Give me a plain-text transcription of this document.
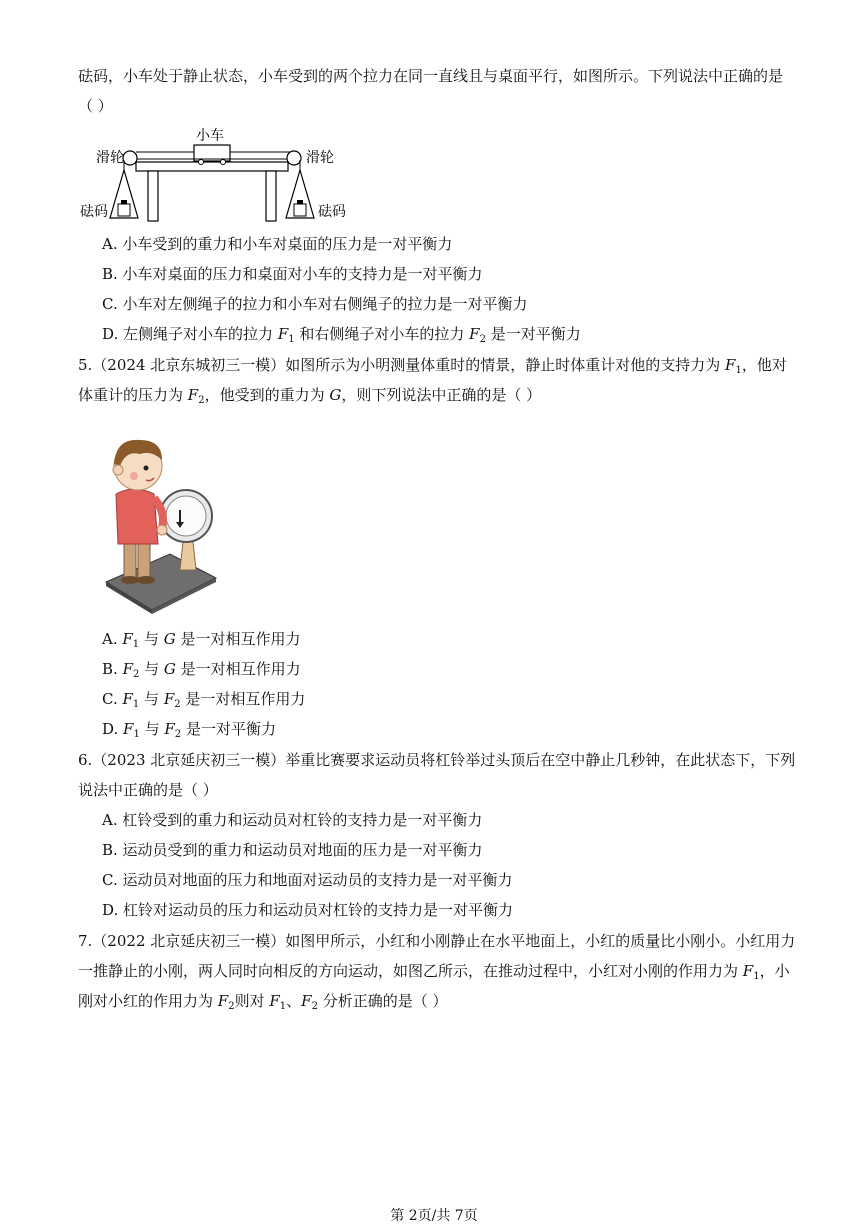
砝码，小车处于静止状态，小车受到的两个拉力在同一直线且与桌面平行，如图所示。下列说法中正确的是
（ ）
小车
滑轮	滑轮
砝码	砝码
A. 小车受到的重力和小车对桌面的压力是一对平衡力
B. 小车对桌面的压力和桌面对小车的支持力是一对平衡力
C. 小车对左侧绳子的拉力和小车对右侧绳子的拉力是一对平衡力
D. 左侧绳子对小车的拉力 $F_1$ 和右侧绳子对小车的拉力 $F_2$ 是一对平衡力
5.（2024 北京东城初三一模）如图所示为小明测量体重时的情景，静止时体重计对他的支持力为 $F_1$，他对
体重计的压力为 $F_2$，他受到的重力为 G，则下列说法中正确的是（ ）
A. $F_1$ 与 G 是一对相互作用力
B. $F_2$ 与 G 是一对相互作用力
C. $F_1$ 与 $F_2$ 是一对相互作用力
D. $F_1$ 与 $F_2$ 是一对平衡力
6.（2023 北京延庆初三一模）举重比赛要求运动员将杠铃举过头顶后在空中静止几秒钟，在此状态下，下列
说法中正确的是（ ）
A. 杠铃受到的重力和运动员对杠铃的支持力是一对平衡力
B. 运动员受到的重力和运动员对地面的压力是一对平衡力
C. 运动员对地面的压力和地面对运动员的支持力是一对平衡力
D. 杠铃对运动员的压力和运动员对杠铃的支持力是一对平衡力
7.（2022 北京延庆初三一模）如图甲所示，小红和小刚静止在水平地面上，小红的质量比小刚小。小红用力
一推静止的小刚，两人同时向相反的方向运动，如图乙所示，在推动过程中，小红对小刚的作用力为 $F_1$，小
刚对小红的作用力为 $F_2$则对 $F_1$、$F_2$ 分析正确的是（ ）
第 2页/共 7页
